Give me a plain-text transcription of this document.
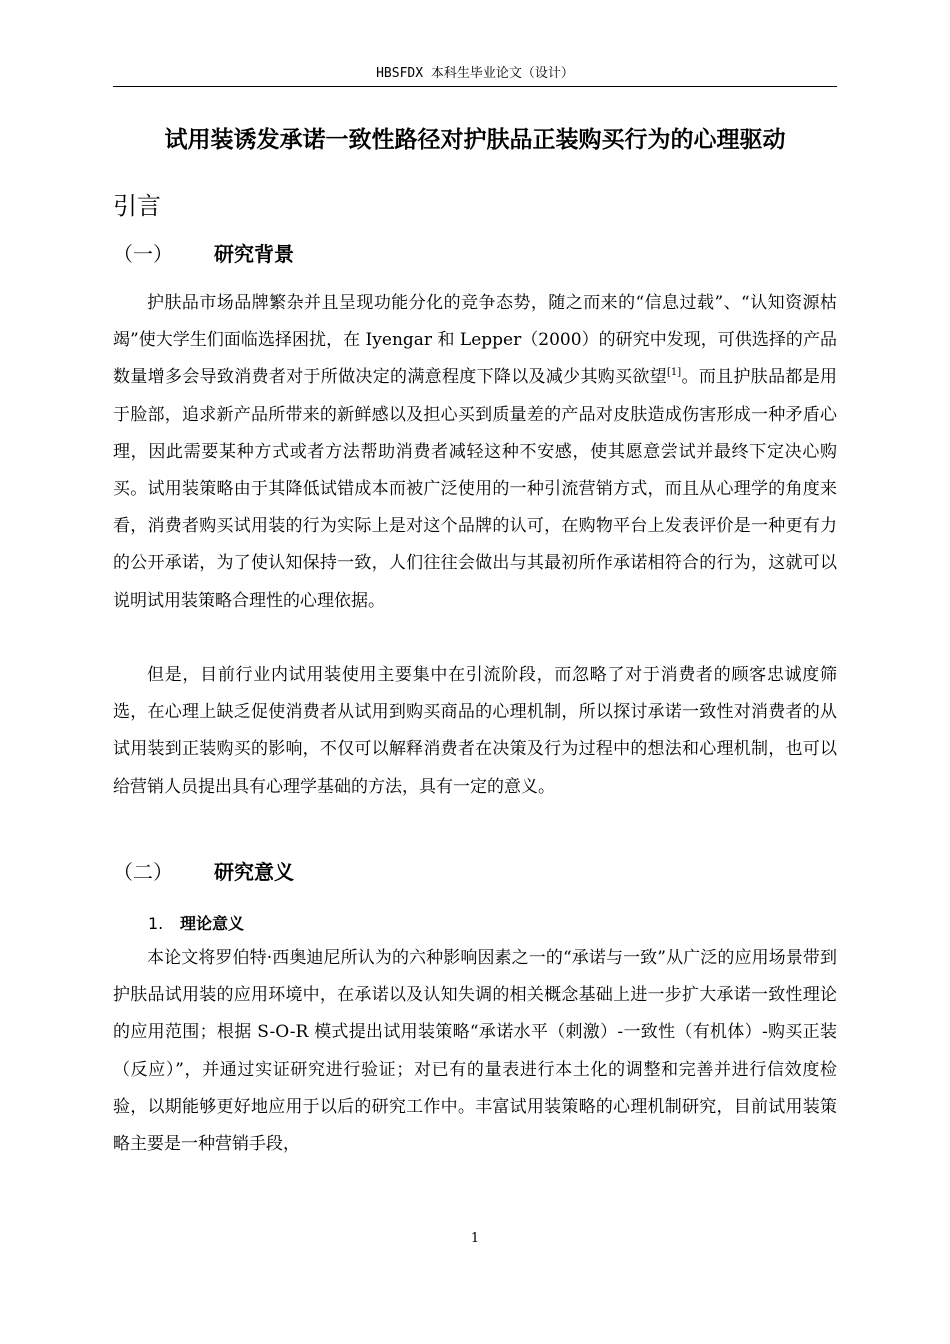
HBSFDX 本科生毕业论文（设计）
试用装诱发承诺一致性路径对护肤品正装购买行为的心理驱动
引言
（一） 研究背景

护肤品市场品牌繁杂并且呈现功能分化的竞争态势，随之而来的“信息过载”、“认知资源枯竭”使大学生们面临选择困扰，在 Iyengar 和 Lepper（2000）的研究中发现，可供选择的产品数量增多会导致消费者对于所做决定的满意程度下降以及减少其购买欲望[1]。而且护肤品都是用于脸部，追求新产品所带来的新鲜感以及担心买到质量差的产品对皮肤造成伤害形成一种矛盾心理，因此需要某种方式或者方法帮助消费者减轻这种不安感，使其愿意尝试并最终下定决心购买。试用装策略由于其降低试错成本而被广泛使用的一种引流营销方式，而且从心理学的角度来看，消费者购买试用装的行为实际上是对这个品牌的认可，在购物平台上发表评价是一种更有力的公开承诺，为了使认知保持一致，人们往往会做出与其最初所作承诺相符合的行为，这就可以说明试用装策略合理性的心理依据。

但是，目前行业内试用装使用主要集中在引流阶段，而忽略了对于消费者的顾客忠诚度筛选，在心理上缺乏促使消费者从试用到购买商品的心理机制，所以探讨承诺一致性对消费者的从试用装到正装购买的影响，不仅可以解释消费者在决策及行为过程中的想法和心理机制，也可以给营销人员提出具有心理学基础的方法，具有一定的意义。

（二） 研究意义
1. 理论意义

本论文将罗伯特·西奥迪尼所认为的六种影响因素之一的“承诺与一致”从广泛的应用场景带到护肤品试用装的应用环境中，在承诺以及认知失调的相关概念基础上进一步扩大承诺一致性理论的应用范围；根据 S-O-R 模式提出试用装策略“承诺水平（刺激）-一致性（有机体）-购买正装（反应）”，并通过实证研究进行验证；对已有的量表进行本土化的调整和完善并进行信效度检验，以期能够更好地应用于以后的研究工作中。丰富试用装策略的心理机制研究，目前试用装策略主要是一种营销手段，

1
